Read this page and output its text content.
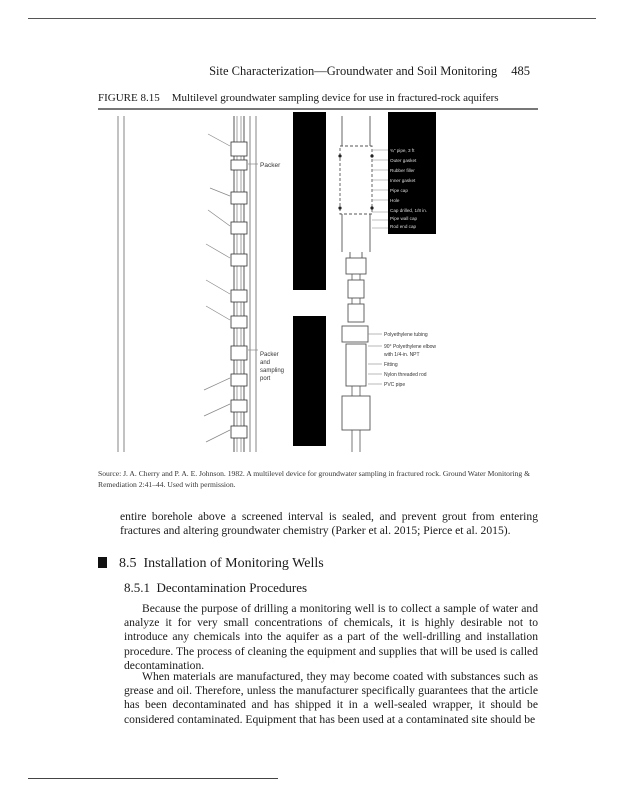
Site Characterization—Groundwater and Soil Monitoring 485
FIGURE 8.15 Multilevel groundwater sampling device for use in fractured-rock aquifers
Packer
Packer
and
sampling
port
¾" pipe, 3 ft
Outer gasket
Rubber filler
Inner gasket
Pipe cap
Hole
Cap drilled, 1/8 in.
Pipe wall cap
Rod end cap
Polyethylene tubing
90° Polyethylene elbow
with 1/4-in. NPT
Fitting
Nylon threaded rod
PVC pipe
Source: J. A. Cherry and P. A. E. Johnson. 1982. A multilevel device for groundwater sampling in fractured rock. Ground Water Monitoring & Remediation 2:41–44. Used with permission.
entire borehole above a screened interval is sealed, and prevent grout from entering fractures and altering groundwater chemistry (Parker et al. 2015; Pierce et al. 2015).
8.5 Installation of Monitoring Wells
8.5.1 Decontamination Procedures
Because the purpose of drilling a monitoring well is to collect a sample of water and analyze it for very small concentrations of chemicals, it is highly desirable not to introduce any chemicals into the aquifer as a part of the well-drilling and installation procedure. The process of cleaning the equipment and supplies that will be used is called decontamination.
When materials are manufactured, they may become coated with substances such as grease and oil. Therefore, unless the manufacturer specifically guarantees that the article has been decontaminated and has shipped it in a well-sealed wrapper, it should be considered contaminated. Equipment that has been used at a contaminated site should be
